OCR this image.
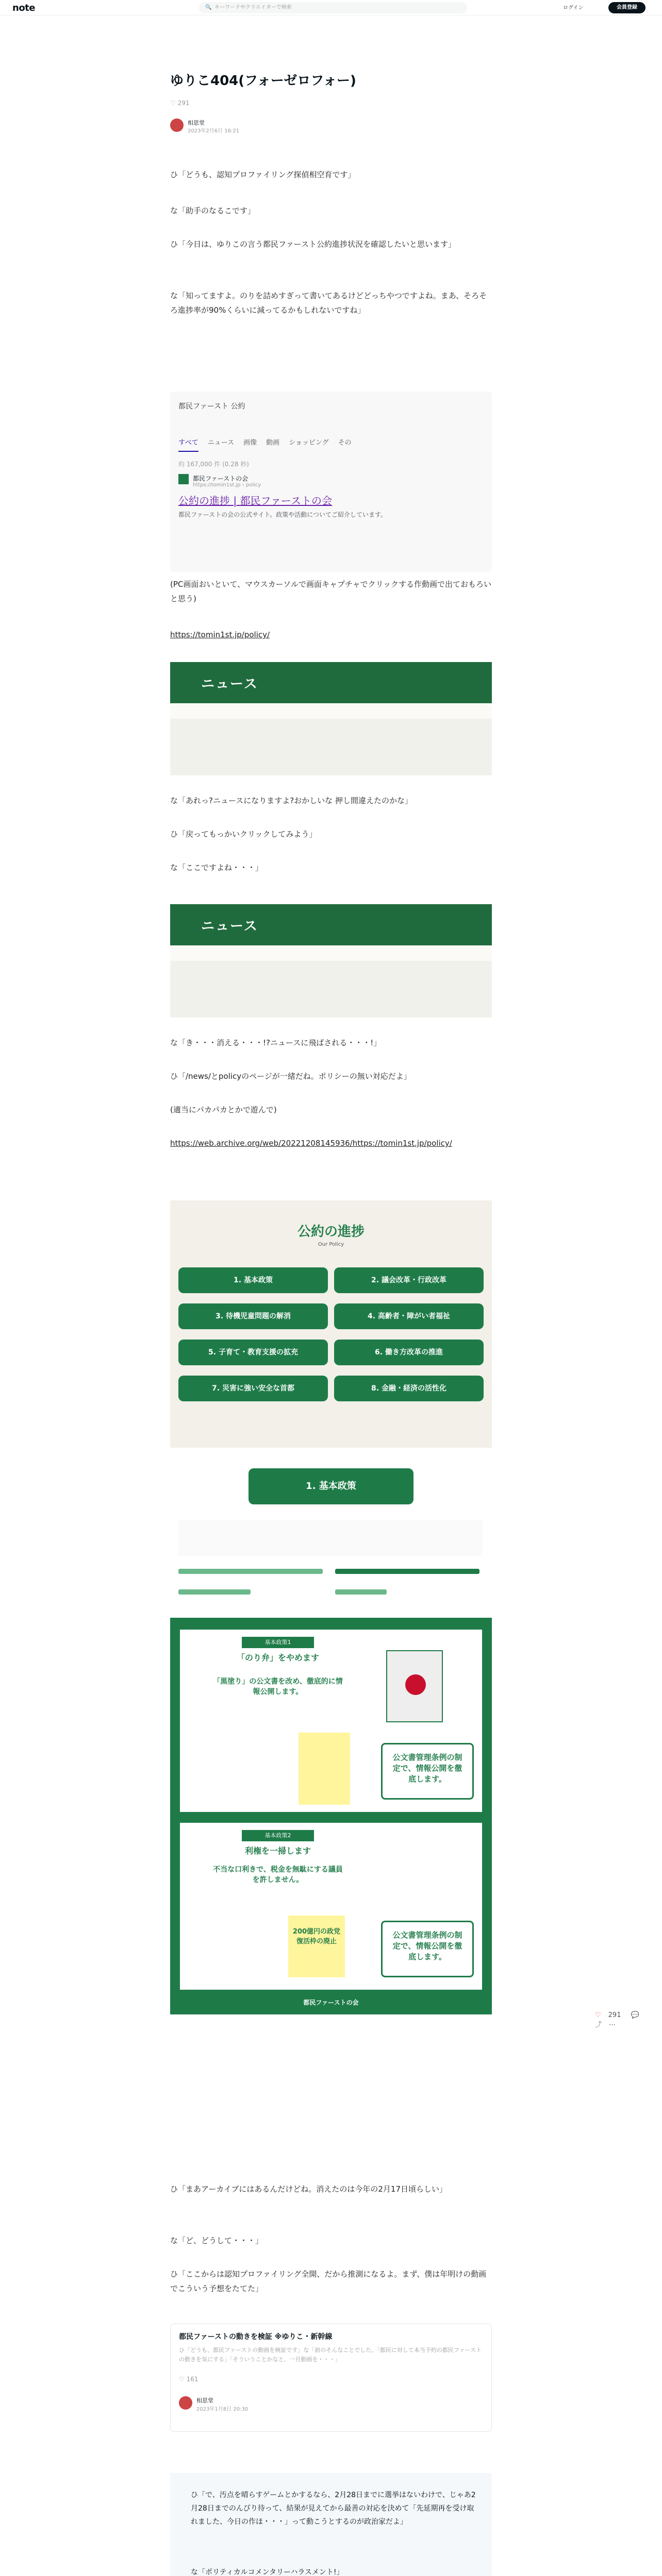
note	🔍 キーワードやクリエイターで検索	ログイン	会員登録
ゆりこ404(フォーゼロフォー)
♡ 291
相思堂
2023年2月6日 16:21
ひ「どうも、認知プロファイリング探偵相空育です」
な「助手のなるこです」
ひ「今日は、ゆりこの言う都民ファースト公約進捗状況を確認したいと思います」
な「知ってますよ。のりを詰めすぎって書いてあるけどどっちやつですよね。まあ、そろそろ進捗率が90%くらいに減ってるかもしれないですね」
都民ファースト 公約
すべて ニュース 画像 動画 ショッピング その
約 167,000 件 (0.28 秒)
都民ファーストの会
https://tomin1st.jp › policy
公約の進捗 | 都民ファーストの会
都民ファーストの会の公式サイト。政策や活動についてご紹介しています。
(PC画面おいといて、マウスカーソルで画面キャプチャでクリックする作動画で出ておもろいと思う)
https://tomin1st.jp/policy/
ニュース
な「あれっ?ニュースになりますよ?おかしいな 押し間違えたのかな」
ひ「戻ってもっかいクリックしてみよう」
な「ここですよね・・・」
ニュース
な「き・・・消える・・・!?ニュースに飛ばされる・・・!」
ひ「/news/とpolicyのページが一緒だね。ポリシーの無い対応だよ」
(適当にパカパカとかで遊んで)
https://web.archive.org/web/20221208145936/https://tomin1st.jp/policy/
公約の進捗
Our Policy
1. 基本政策	2. 議会改革・行政改革
3. 待機児童問題の解消	4. 高齢者・障がい者福祉
5. 子育て・教育支援の拡充	6. 働き方改革の推進
7. 災害に強い安全な首都	8. 金融・経済の活性化
1. 基本政策
基本政策1
「のり弁」をやめます
「黒塗り」の公文書を改め、徹底的に情報公開します。
公文書管理条例の制定で、情報公開を徹底します。
基本政策2
利権を一掃します
不当な口利きで、税金を無駄にする議員を許しません。
200億円の政党復活枠の廃止
公文書管理条例の制定で、情報公開を徹底します。
都民ファーストの会
ひ「まあアーカイブにはあるんだけどね。消えたのは今年の2月17日頃らしい」
な「ど、どうして・・・」
ひ「ここからは認知プロファイリング全開、だから推測になるよ。まず、僕は年明けの動画でこういう予想をたてた」
都民ファーストの動きを検証 ※ゆりこ・新幹線
ひ「どうも、都民ファーストの動画を検証です」な「前のそんなことでした。「都民に対して本当予約の都民ファーストの動きを気にする」「そういうことかなと、一旦動画を・・・」
♡ 161
相思堂
2023年1月8日 20:30
ひ「で、汚点を晴らすゲームとかするなら、2月28日までに選挙はないわけで、じゃあ2月28日までのんびり待って、結果が見えてから最善の対応を決めて「先延期再を受け取れました、今日の作ほ・・・」って動こうとするのが政治家だよ」
な「ポリティカルコメンタリーハラスメント!」
♡ 291 💬⤴ ⋯
